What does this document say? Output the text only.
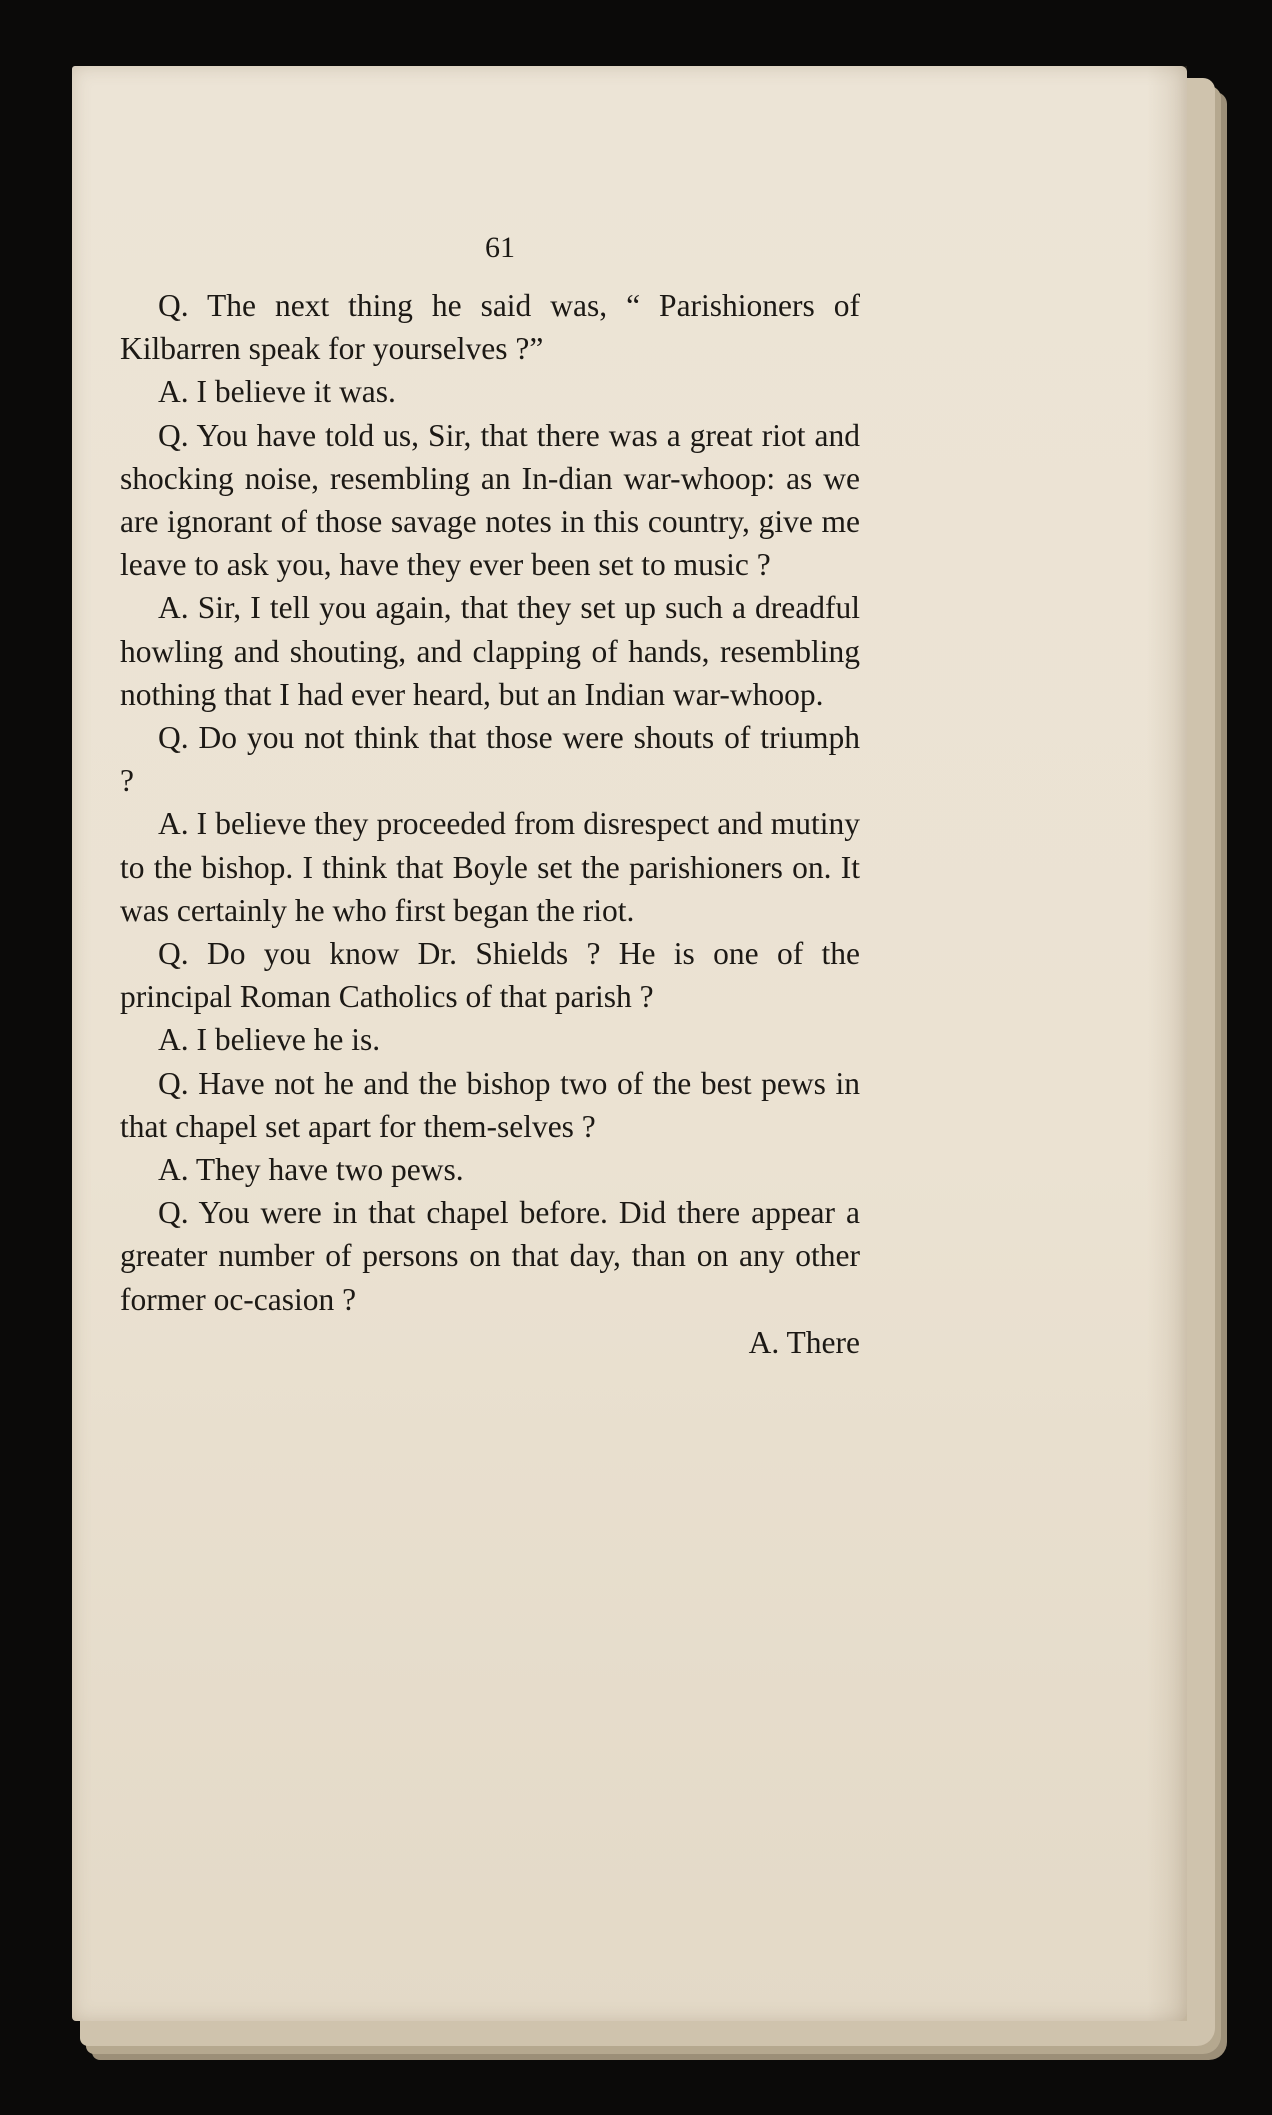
61

Q. The next thing he said was, “ Parishioners of Kilbarren speak for yourselves ?”

A. I believe it was.

Q. You have told us, Sir, that there was a great riot and shocking noise, resembling an In-dian war-whoop: as we are ignorant of those savage notes in this country, give me leave to ask you, have they ever been set to music ?

A. Sir, I tell you again, that they set up such a dreadful howling and shouting, and clapping of hands, resembling nothing that I had ever heard, but an Indian war-whoop.

Q. Do you not think that those were shouts of triumph ?

A. I believe they proceeded from disrespect and mutiny to the bishop. I think that Boyle set the parishioners on. It was certainly he who first began the riot.

Q. Do you know Dr. Shields ? He is one of the principal Roman Catholics of that parish ?

A. I believe he is.

Q. Have not he and the bishop two of the best pews in that chapel set apart for them-selves ?

A. They have two pews.

Q. You were in that chapel before. Did there appear a greater number of persons on that day, than on any other former oc-casion ?

A. There
